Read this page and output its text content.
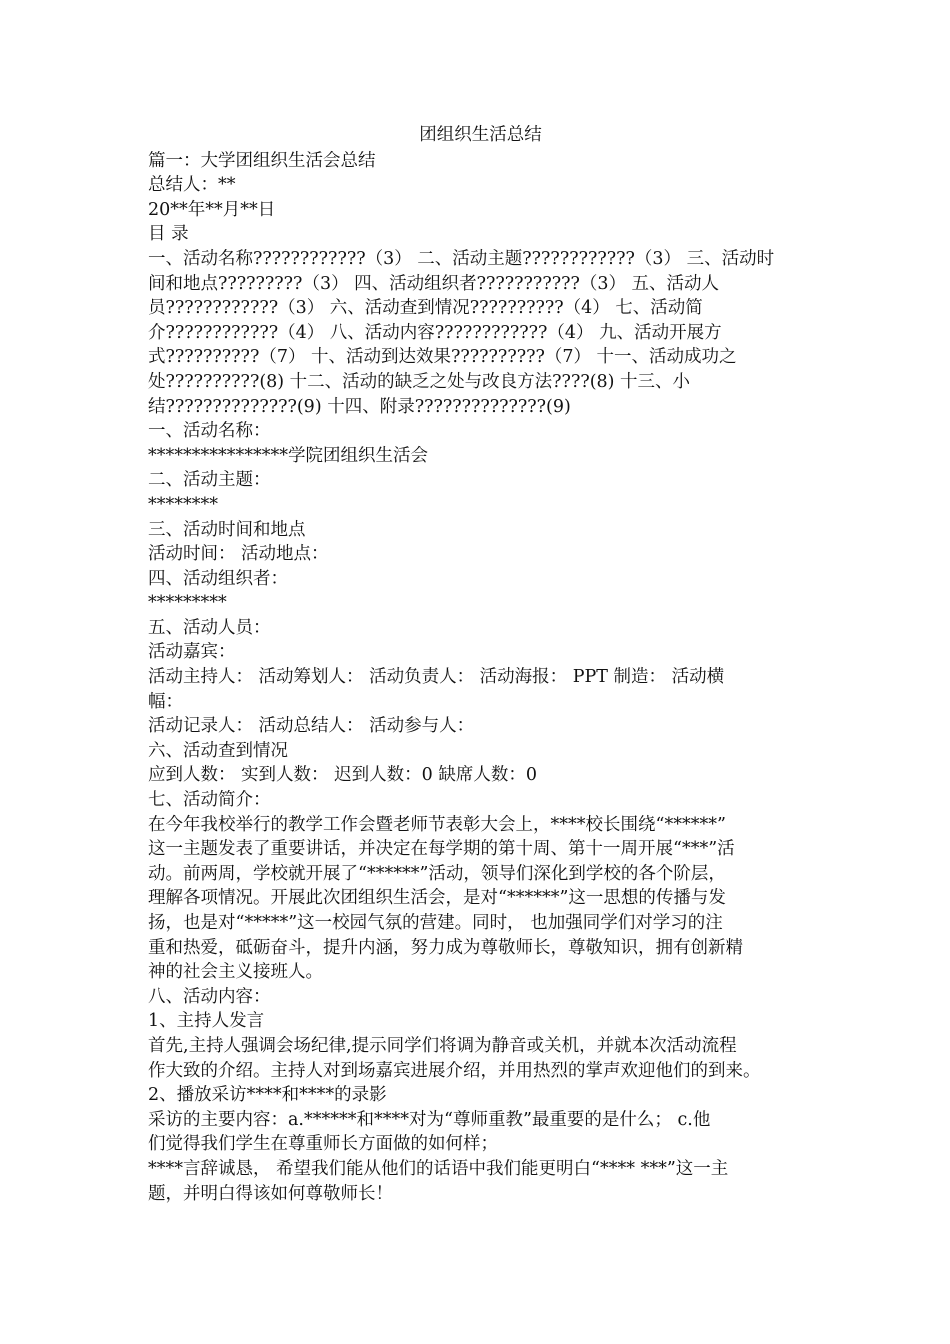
团组织生活总结
篇一：大学团组织生活会总结
总结人：**
20**年**月**日
目 录
一、活动名称????????????（3） 二、活动主题????????????（3） 三、活动时
间和地点?????????（3） 四、活动组织者???????????（3） 五、活动人
员????????????（3） 六、活动查到情况??????????（4） 七、活动简
介????????????（4） 八、活动内容????????????（4） 九、活动开展方
式??????????（7） 十、活动到达效果??????????（7） 十一、活动成功之
处??????????(8) 十二、活动的缺乏之处与改良方法????(8) 十三、小
结??????????????(9) 十四、附录??????????????(9)
一、活动名称：
****************学院团组织生活会
二、活动主题：
********
三、活动时间和地点
活动时间： 活动地点：
四、活动组织者：
*********
五、活动人员：
活动嘉宾：
活动主持人： 活动筹划人： 活动负责人： 活动海报： PPT 制造： 活动横
幅：
活动记录人： 活动总结人： 活动参与人：
六、活动查到情况
应到人数： 实到人数： 迟到人数：0 缺席人数：0
七、活动简介：
在今年我校举行的教学工作会暨老师节表彰大会上，****校长围绕“******”
这一主题发表了重要讲话，并决定在每学期的第十周、第十一周开展“***”活
动。前两周，学校就开展了“******”活动，领导们深化到学校的各个阶层，
理解各项情况。开展此次团组织生活会，是对“******”这一思想的传播与发
扬，也是对“*****”这一校园气氛的营建。同时， 也加强同学们对学习的注
重和热爱，砥砺奋斗，提升内涵，努力成为尊敬师长，尊敬知识，拥有创新精
神的社会主义接班人。
八、活动内容：
1、主持人发言
首先,主持人强调会场纪律,提示同学们将调为静音或关机，并就本次活动流程
作大致的介绍。主持人对到场嘉宾进展介绍，并用热烈的掌声欢迎他们的到来。
2、播放采访****和****的录影
采访的主要内容：a.******和****对为“尊师重教”最重要的是什么； c.他
们觉得我们学生在尊重师长方面做的如何样；
****言辞诚恳， 希望我们能从他们的话语中我们能更明白“**** ***”这一主
题，并明白得该如何尊敬师长！
